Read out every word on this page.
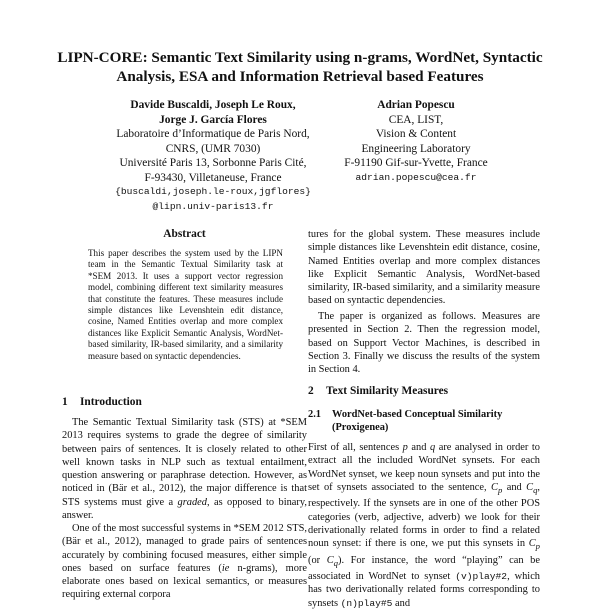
LIPN-CORE: Semantic Text Similarity using n-grams, WordNet, Syntactic
Analysis, ESA and Information Retrieval based Features
Davide Buscaldi, Joseph Le Roux,
Jorge J. García Flores
Laboratoire d’Informatique de Paris Nord,
CNRS, (UMR 7030)
Université Paris 13, Sorbonne Paris Cité,
F-93430, Villetaneuse, France
{buscaldi,joseph.le-roux,jgflores}
@lipn.univ-paris13.fr
Adrian Popescu
CEA, LIST,
Vision & Content
Engineering Laboratory
F-91190 Gif-sur-Yvette, France
adrian.popescu@cea.fr
Abstract
This paper describes the system used by the LIPN team in the Semantic Textual Similarity task at *SEM 2013. It uses a support vector regression model, combining different text similarity measures that constitute the features. These measures include simple distances like Levenshtein edit distance, cosine, Named Entities overlap and more complex distances like Explicit Semantic Analysis, WordNet-based similarity, IR-based similarity, and a similarity measure based on syntactic dependencies.
1 Introduction
The Semantic Textual Similarity task (STS) at *SEM 2013 requires systems to grade the degree of similarity between pairs of sentences. It is closely related to other well known tasks in NLP such as textual entailment, question answering or paraphrase detection. However, as noticed in (Bär et al., 2012), the major difference is that STS systems must give a graded, as opposed to binary, answer.
One of the most successful systems in *SEM 2012 STS, (Bär et al., 2012), managed to grade pairs of sentences accurately by combining focused measures, either simple ones based on surface features (ie n-grams), more elaborate ones based on lexical semantics, or measures requiring external corpora
tures for the global system. These measures include simple distances like Levenshtein edit distance, cosine, Named Entities overlap and more complex distances like Explicit Semantic Analysis, WordNet-based similarity, IR-based similarity, and a similarity measure based on syntactic dependencies.
The paper is organized as follows. Measures are presented in Section 2. Then the regression model, based on Support Vector Machines, is described in Section 3. Finally we discuss the results of the system in Section 4.
2 Text Similarity Measures
2.1 WordNet-based Conceptual Similarity
(Proxigenea)
First of all, sentences p and q are analysed in order to extract all the included WordNet synsets. For each WordNet synset, we keep noun synsets and put into the set of synsets associated to the sentence, $C_p$ and $C_q$, respectively. If the synsets are in one of the other POS categories (verb, adjective, adverb) we look for their derivationally related forms in order to find a related noun synset: if there is one, we put this synsets in $C_p$ (or $C_q$). For instance, the word “playing” can be associated in WordNet to synset (v)play#2, which has two derivationally related forms corresponding to synsets (n)play#5 and
